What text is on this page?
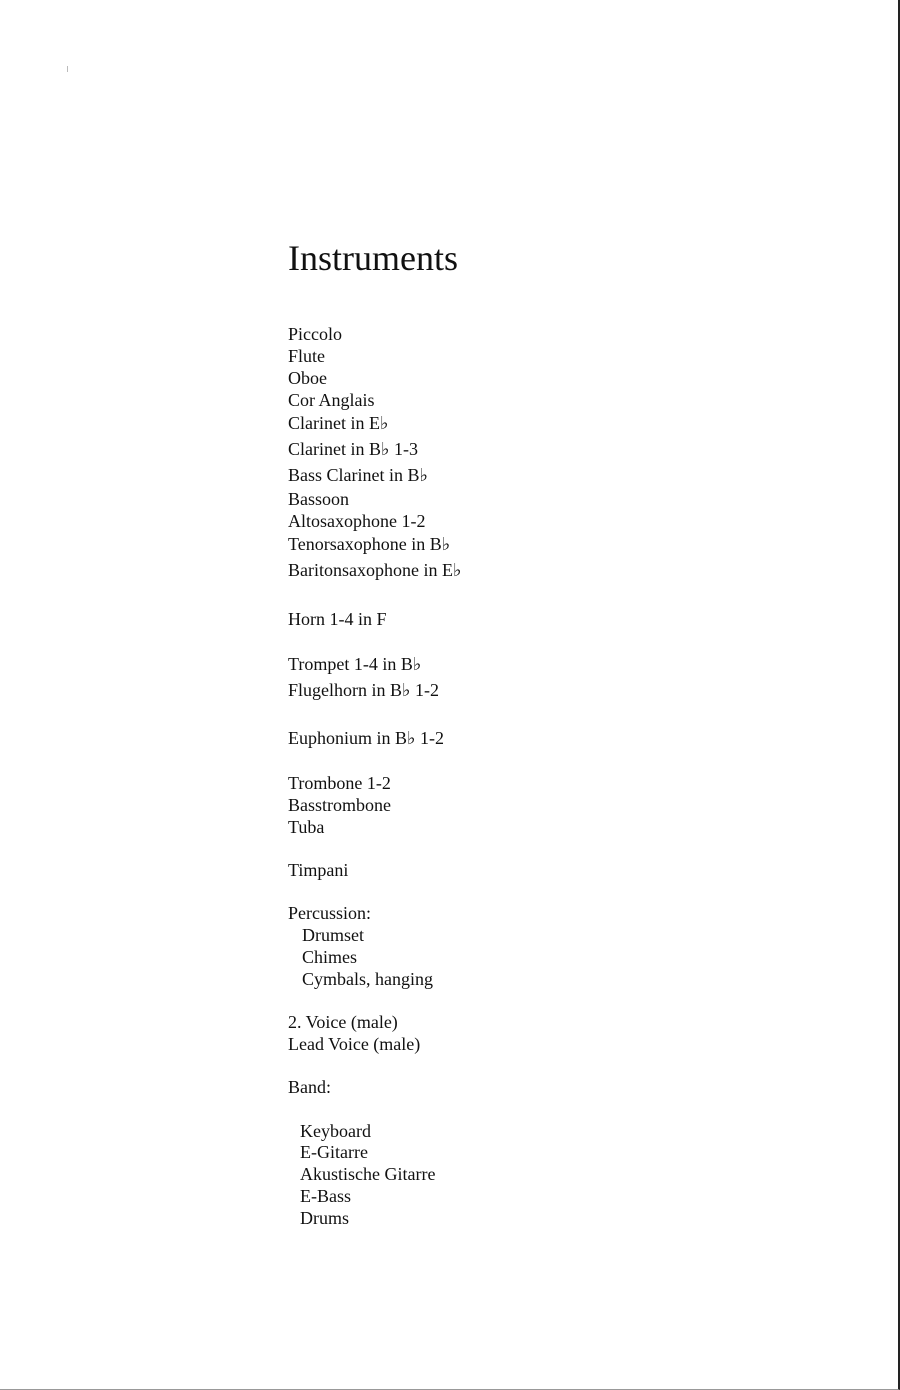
Instruments

Piccolo

Flute

Oboe

Cor Anglais

Clarinet in E♭

Clarinet in B♭ 1-3

Bass Clarinet in B♭

Bassoon

Altosaxophone 1-2

Tenorsaxophone in B♭

Baritonsaxophone in E♭

Horn 1-4 in F

Trompet 1-4 in B♭

Flugelhorn in B♭ 1-2

Euphonium in B♭ 1-2

Trombone 1-2

Basstrombone

Tuba

Timpani

Percussion:

Drumset

Chimes

Cymbals, hanging

2. Voice (male)

Lead Voice (male)

Band:

Keyboard

E-Gitarre

Akustische Gitarre

E-Bass

Drums
